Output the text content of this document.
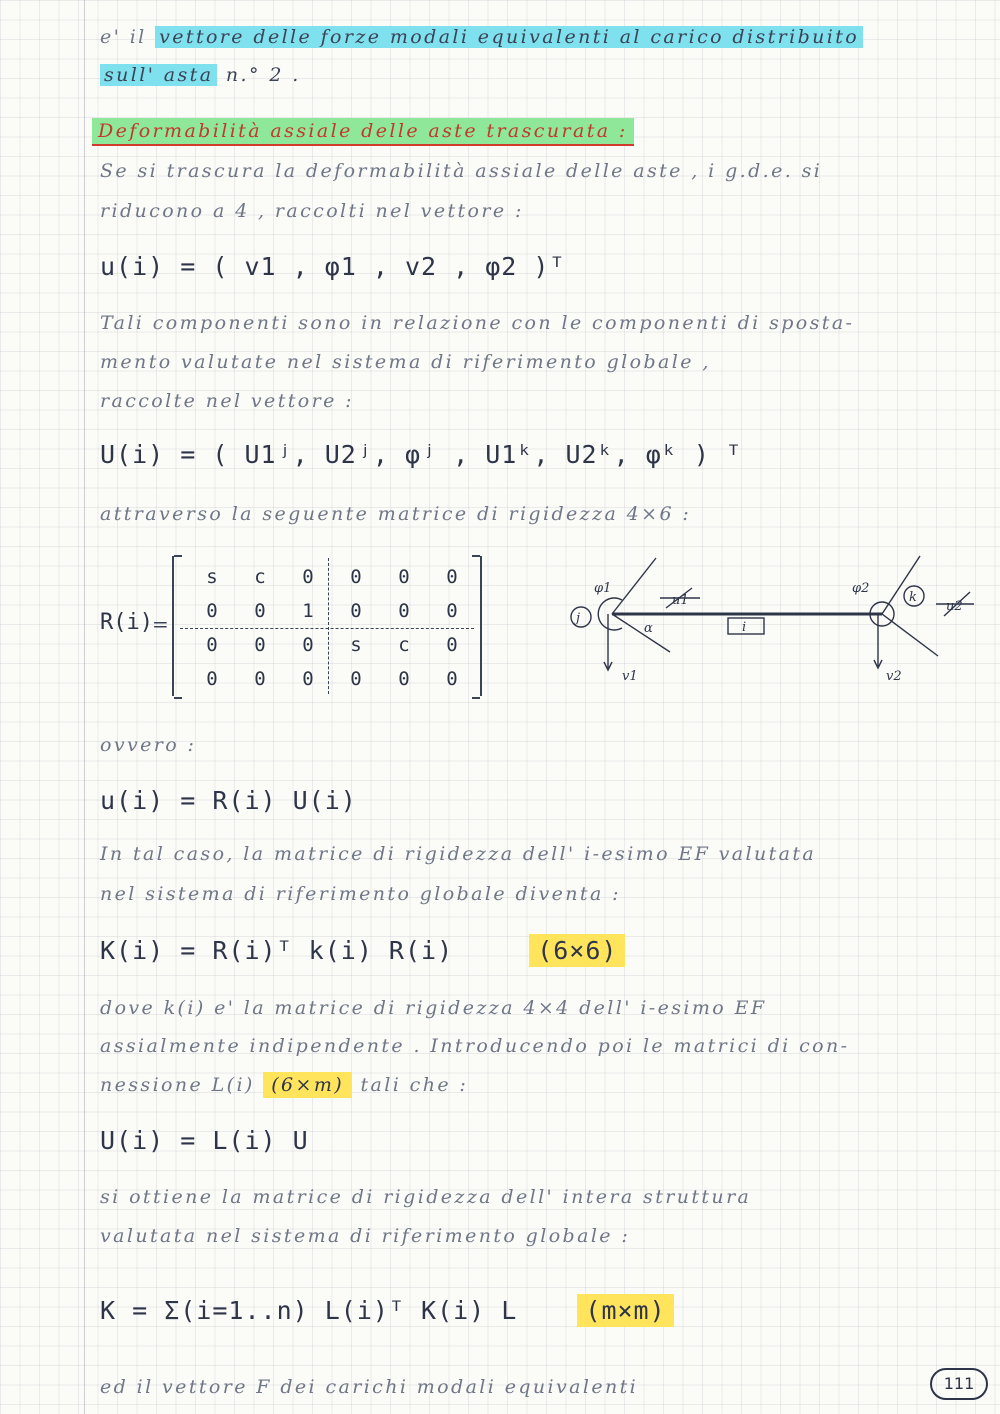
e' il vettore delle forze modali equivalenti al carico distribuito
sull' asta n.° 2 .
Deformabilità assiale delle aste trascurata :
Se si trascura la deformabilità assiale delle aste , i g.d.e. si
riducono a 4 , raccolti nel vettore :
u(i) = ( v1 , φ1 , v2 , φ2 )ᵀ
Tali componenti sono in relazione con le componenti di sposta-
mento valutate nel sistema di riferimento globale ,
raccolte nel vettore :
U(i) = ( U1ʲ, U2ʲ, φʲ , U1ᵏ, U2ᵏ, φᵏ ) ᵀ
attraverso la seguente matrice di rigidezza 4×6 :
R(i) =
s	c	0	0	0	0
0	0	1	0	0	0
0	0	0	s	c	0
0	0	0	0	0	0
j
k
i
φ1	φ2
v1	v2
α
u1	u2
ovvero :
u(i) = R(i) U(i)
In tal caso, la matrice di rigidezza dell' i-esimo EF valutata
nel sistema di riferimento globale diventa :
K(i) = R(i)ᵀ k(i) R(i)	(6×6)
dove k(i) e' la matrice di rigidezza 4×4 dell' i-esimo EF
assialmente indipendente . Introducendo poi le matrici di con-
nessione L(i) (6×m) tali che :
U(i) = L(i) U
si ottiene la matrice di rigidezza dell' intera struttura
valutata nel sistema di riferimento globale :
K = Σ(i=1..n) L(i)ᵀ K(i) L	(m×m)
ed il vettore F dei carichi modali equivalenti	111
